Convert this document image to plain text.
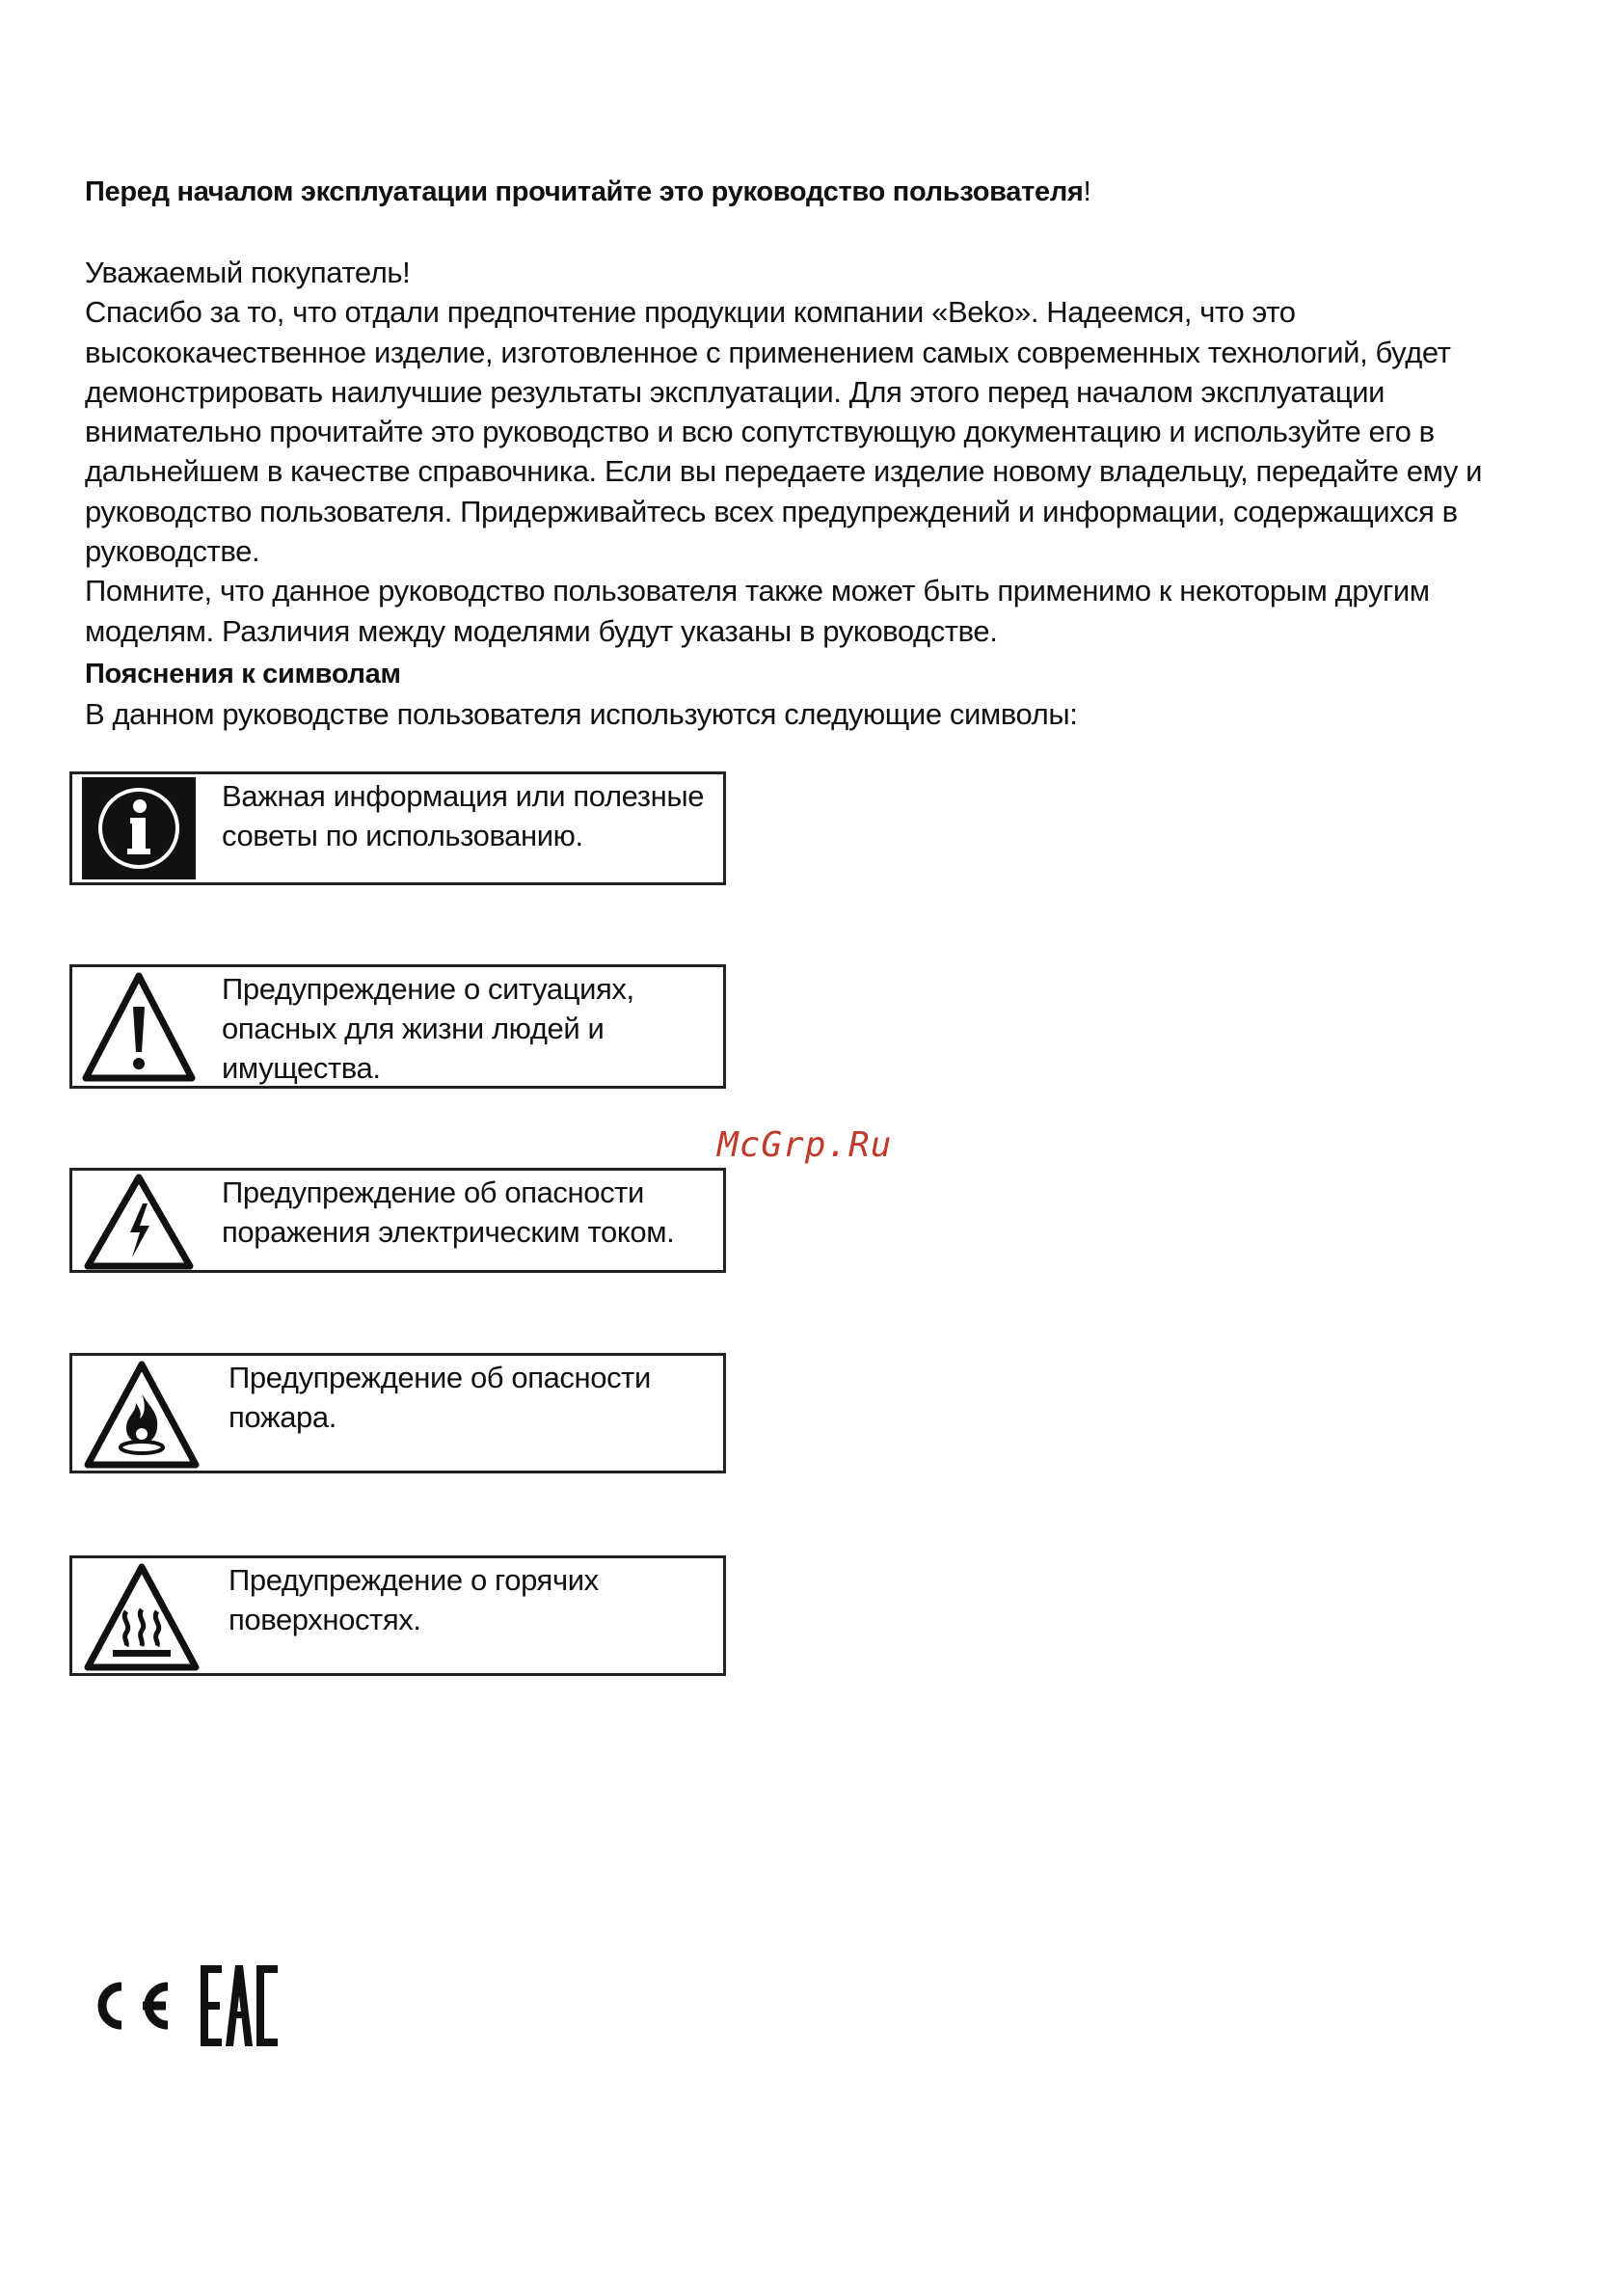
Перед началом эксплуатации прочитайте это руководство пользователя!

Уважаемый покупатель!

Спасибо за то, что отдали предпочтение продукции компании «Beko». Надеемся, что это высококачественное изделие, изготовленное с применением самых современных технологий, будет демонстрировать наилучшие результаты эксплуатации. Для этого перед началом эксплуатации внимательно прочитайте это руководство и всю сопутствующую документацию и используйте его в дальнейшем в качестве справочника. Если вы передаете изделие новому владельцу, передайте ему и руководство пользователя. Придерживайтесь всех предупреждений и информации, содержащихся в руководстве.

Помните, что данное руководство пользователя также может быть применимо к некоторым другим моделям. Различия между моделями будут указаны в руководстве.

Пояснения к символам
В данном руководстве пользователя используются следующие символы:
Важная информация или полезные
советы по использованию.
Предупреждение о ситуациях,
опасных для жизни людей и
имущества.
Предупреждение об опасности
поражения электрическим током.
Предупреждение об опасности
пожара.
Предупреждение о горячих
поверхностях.
McGrp.Ru
